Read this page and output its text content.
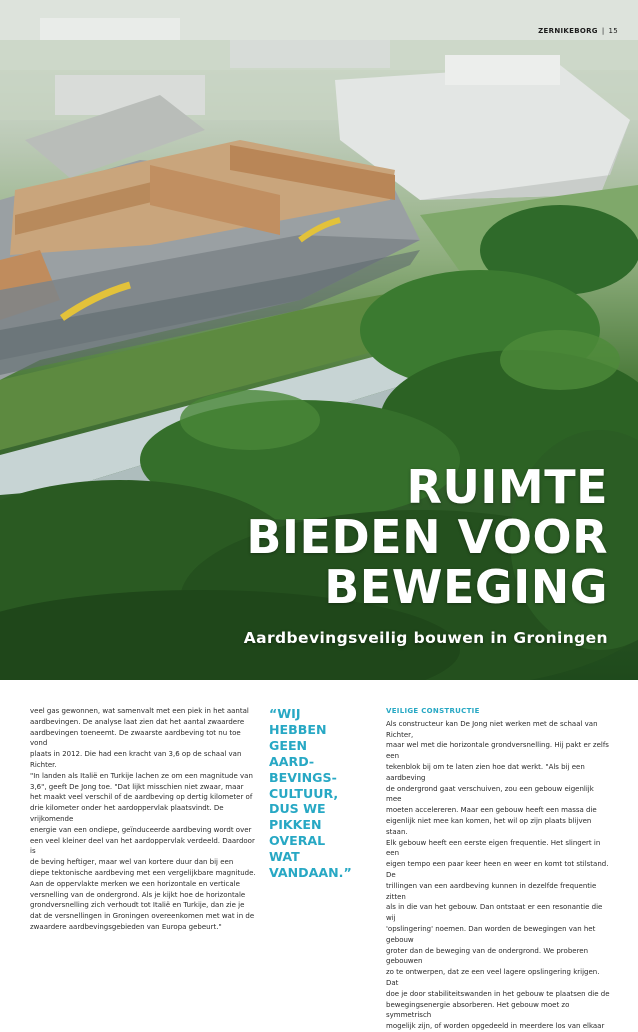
ZERNIKEBORG | 15
RUIMTE
BIEDEN VOOR
BEWEGING

Aardbevingsveilig bouwen in Groningen

veel gas gewonnen, wat samenvalt met een piek in het aantal

aardbevingen. De analyse laat zien dat het aantal zwaardere

aardbevingen toeneemt. De zwaarste aardbeving tot nu toe vond

plaats in 2012. Die had een kracht van 3,6 op de schaal van Richter.

"In landen als Italië en Turkije lachen ze om een magnitude van

3,6", geeft De Jong toe. "Dat lijkt misschien niet zwaar, maar

het maakt veel verschil of de aardbeving op dertig kilometer of

drie kilometer onder het aardoppervlak plaatsvindt. De vrijkomende

energie van een ondiepe, geïnduceerde aardbeving wordt over

een veel kleiner deel van het aardoppervlak verdeeld. Daardoor is

de beving heftiger, maar wel van kortere duur dan bij een

diepe tektonische aardbeving met een vergelijkbare magnitude.

Aan de oppervlakte merken we een horizontale en verticale

versnelling van de ondergrond. Als je kijkt hoe de horizontale

grondversnelling zich verhoudt tot Italië en Turkije, dan zie je

dat de versnellingen in Groningen overeenkomen met wat in de

zwaardere aardbevingsgebieden van Europa gebeurt."

“WIJ
HEBBEN
GEEN
AARD-
BEVINGS-
CULTUUR,
DUS WE
PIKKEN
OVERAL
WAT
VANDAAN.”
VEILIGE CONSTRUCTIE

Als constructeur kan De Jong niet werken met de schaal van Richter,

maar wel met die horizontale grondversnelling. Hij pakt er zelfs een

tekenblok bij om te laten zien hoe dat werkt. "Als bij een aardbeving

de ondergrond gaat verschuiven, zou een gebouw eigenlijk mee

moeten accelereren. Maar een gebouw heeft een massa die

eigenlijk niet mee kan komen, het wil op zijn plaats blijven staan.

Elk gebouw heeft een eerste eigen frequentie. Het slingert in een

eigen tempo een paar keer heen en weer en komt tot stilstand. De

trillingen van een aardbeving kunnen in dezelfde frequentie zitten

als in die van het gebouw. Dan ontstaat er een resonantie die wij

'opslingering' noemen. Dan worden de bewegingen van het gebouw

groter dan de beweging van de ondergrond. We proberen gebouwen

zo te ontwerpen, dat ze een veel lagere opslingering krijgen. Dat

doe je door stabiliteitswanden in het gebouw te plaatsen die de

bewegingsenergie absorberen. Het gebouw moet zo symmetrisch

mogelijk zijn, of worden opgedeeld in meerdere los van elkaar
